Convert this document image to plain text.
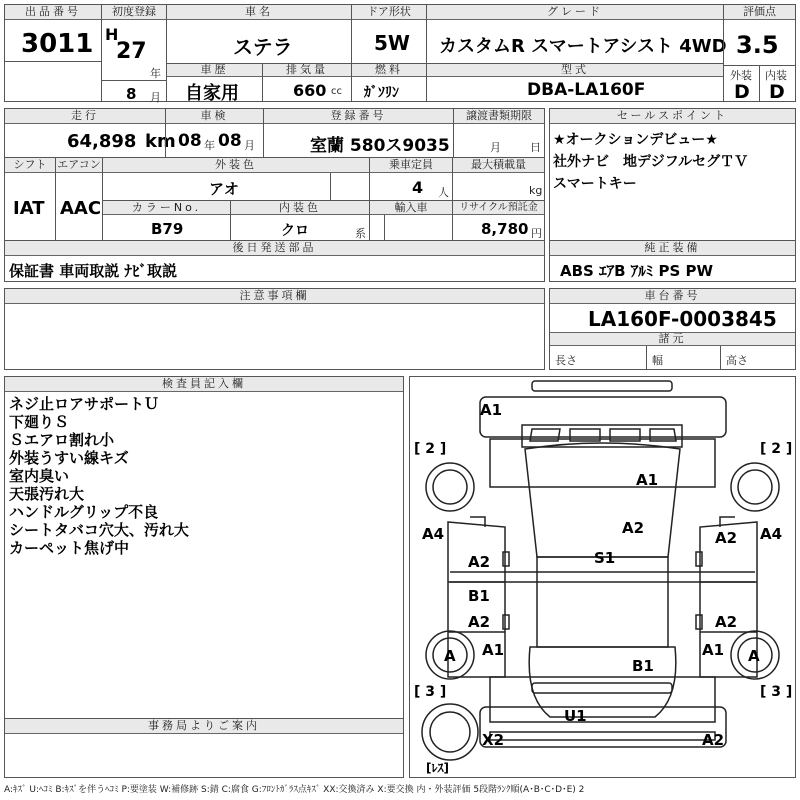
出品番号
3011
初度登録
H
27
年
8 月
車名
ステラ
ドア形状
5W
グレード
カスタムR スマートアシスト 4WD
評価点
3.5
外装 内装
D D
車歴
自家用
排気量
660 cc
燃料
ｶﾞｿﾘﾝ
型式
DBA-LA160F
走行
64,898 km
車検
08 年 08 月
登録番号
室蘭 580ス9035
譲渡書類期限
月	日
セールスポイント
★オークションデビュー★
社外ナビ　地デジフルセグＴＶ
スマートキー
シフト
IAT
エアコン
AAC
外装色
アオ
乗車定員
4 人
最大積載量
kg
カラーNo.
B79
内装色
クロ	系
輸入車	リサイクル預託金
8,780 円
後日発送部品
保証書 車両取説 ﾅﾋﾞ取説
純正装備
ABS ｴｱB ｱﾙﾐ PS PW
注意事項欄	車台番号
LA160F-0003845
諸元
長さ	幅	高さ
検査員記入欄
ネジ止ロアサポートＵ
下廻りＳ
Ｓエアロ割れ小
外装うすい線キズ
室内臭い
天張汚れ大
ハンドルグリップ不良
シートタバコ穴大、汚れ大
カーペット焦げ中
事務局よりご案内
[ 2 ]	[ 2 ]
[ 3 ]	[ 3 ]
[ﾚｽ]
A1
A1
A4	A4
A2
A2
A2
S1
B1
A2	A2
A	A
A1	A1
B1
U1
X2	A2
A:ｷｽﾞ U:ﾍｺﾐ B:ｷｽﾞを伴うﾍｺﾐ P:要塗装 W:補修跡 S:錆 C:腐食 G:ﾌﾛﾝﾄｶﾞﾗｽ点ｷｽﾞ XX:交換済み X:要交換 内・外装評価 5段階ﾗﾝｸ順(A･B･C･D･E) 2
